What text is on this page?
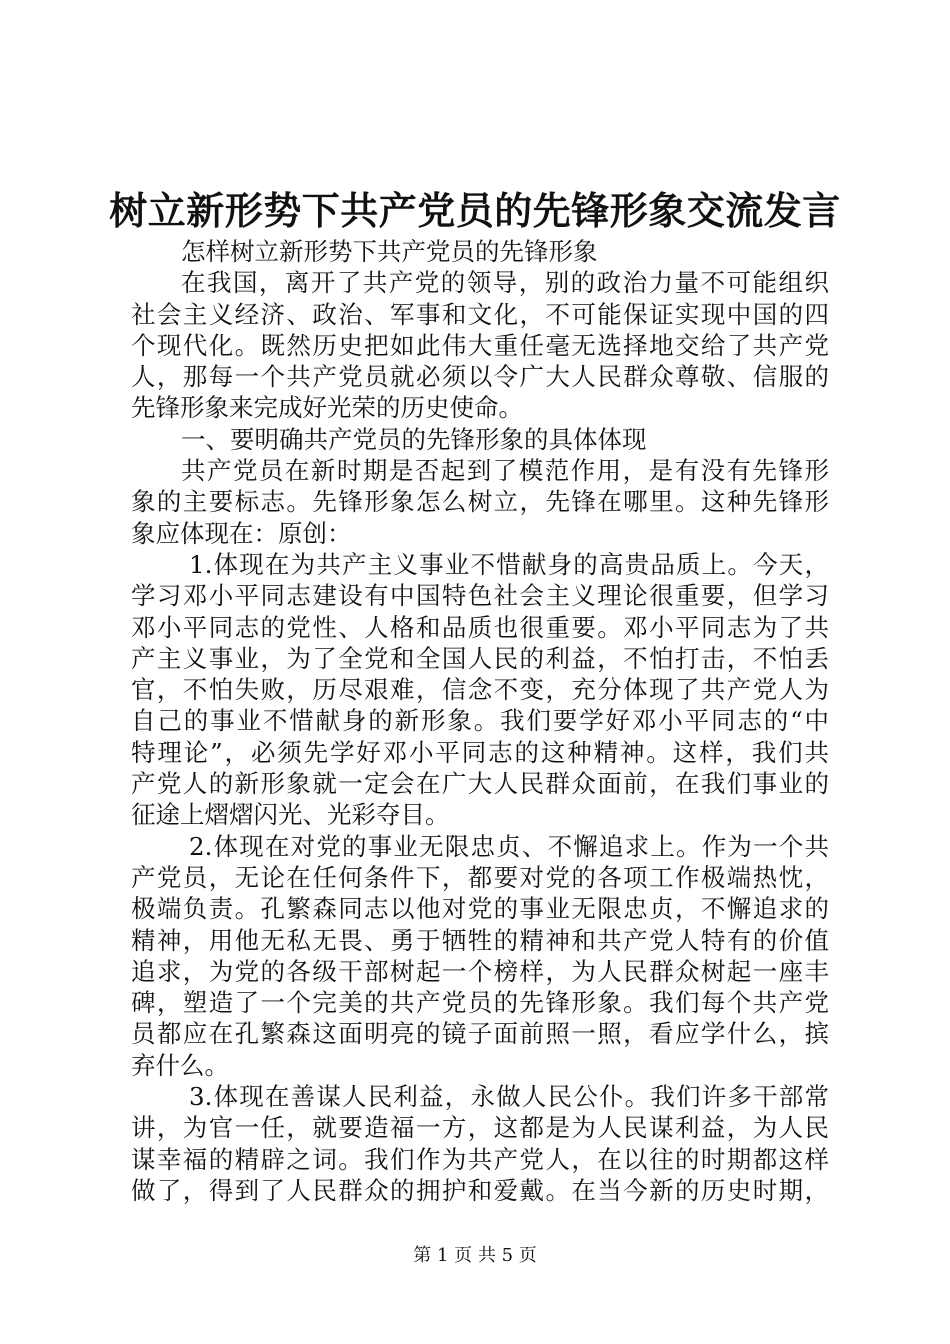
树立新形势下共产党员的先锋形象交流发言
怎样树立新形势下共产党员的先锋形象
在我国，离开了共产党的领导，别的政治力量不可能组织
社会主义经济、政治、军事和文化，不可能保证实现中国的四
个现代化。既然历史把如此伟大重任毫无选择地交给了共产党
人，那每一个共产党员就必须以令广大人民群众尊敬、信服的
先锋形象来完成好光荣的历史使命。
一、要明确共产党员的先锋形象的具体体现
共产党员在新时期是否起到了模范作用，是有没有先锋形
象的主要标志。先锋形象怎么树立，先锋在哪里。这种先锋形
象应体现在：原创：
1.体现在为共产主义事业不惜献身的高贵品质上。今天，
学习邓小平同志建设有中国特色社会主义理论很重要，但学习
邓小平同志的党性、人格和品质也很重要。邓小平同志为了共
产主义事业，为了全党和全国人民的利益，不怕打击，不怕丢
官，不怕失败，历尽艰难，信念不变，充分体现了共产党人为
自己的事业不惜献身的新形象。我们要学好邓小平同志的“中
特理论”，必须先学好邓小平同志的这种精神。这样，我们共
产党人的新形象就一定会在广大人民群众面前，在我们事业的
征途上熠熠闪光、光彩夺目。
2.体现在对党的事业无限忠贞、不懈追求上。作为一个共
产党员，无论在任何条件下，都要对党的各项工作极端热忱，
极端负责。孔繁森同志以他对党的事业无限忠贞，不懈追求的
精神，用他无私无畏、勇于牺牲的精神和共产党人特有的价值
追求，为党的各级干部树起一个榜样，为人民群众树起一座丰
碑，塑造了一个完美的共产党员的先锋形象。我们每个共产党
员都应在孔繁森这面明亮的镜子面前照一照，看应学什么，摈
弃什么。
3.体现在善谋人民利益，永做人民公仆。我们许多干部常
讲，为官一任，就要造福一方，这都是为人民谋利益，为人民
谋幸福的精辟之词。我们作为共产党人，在以往的时期都这样
做了，得到了人民群众的拥护和爱戴。在当今新的历史时期，
第 1 页 共 5 页
